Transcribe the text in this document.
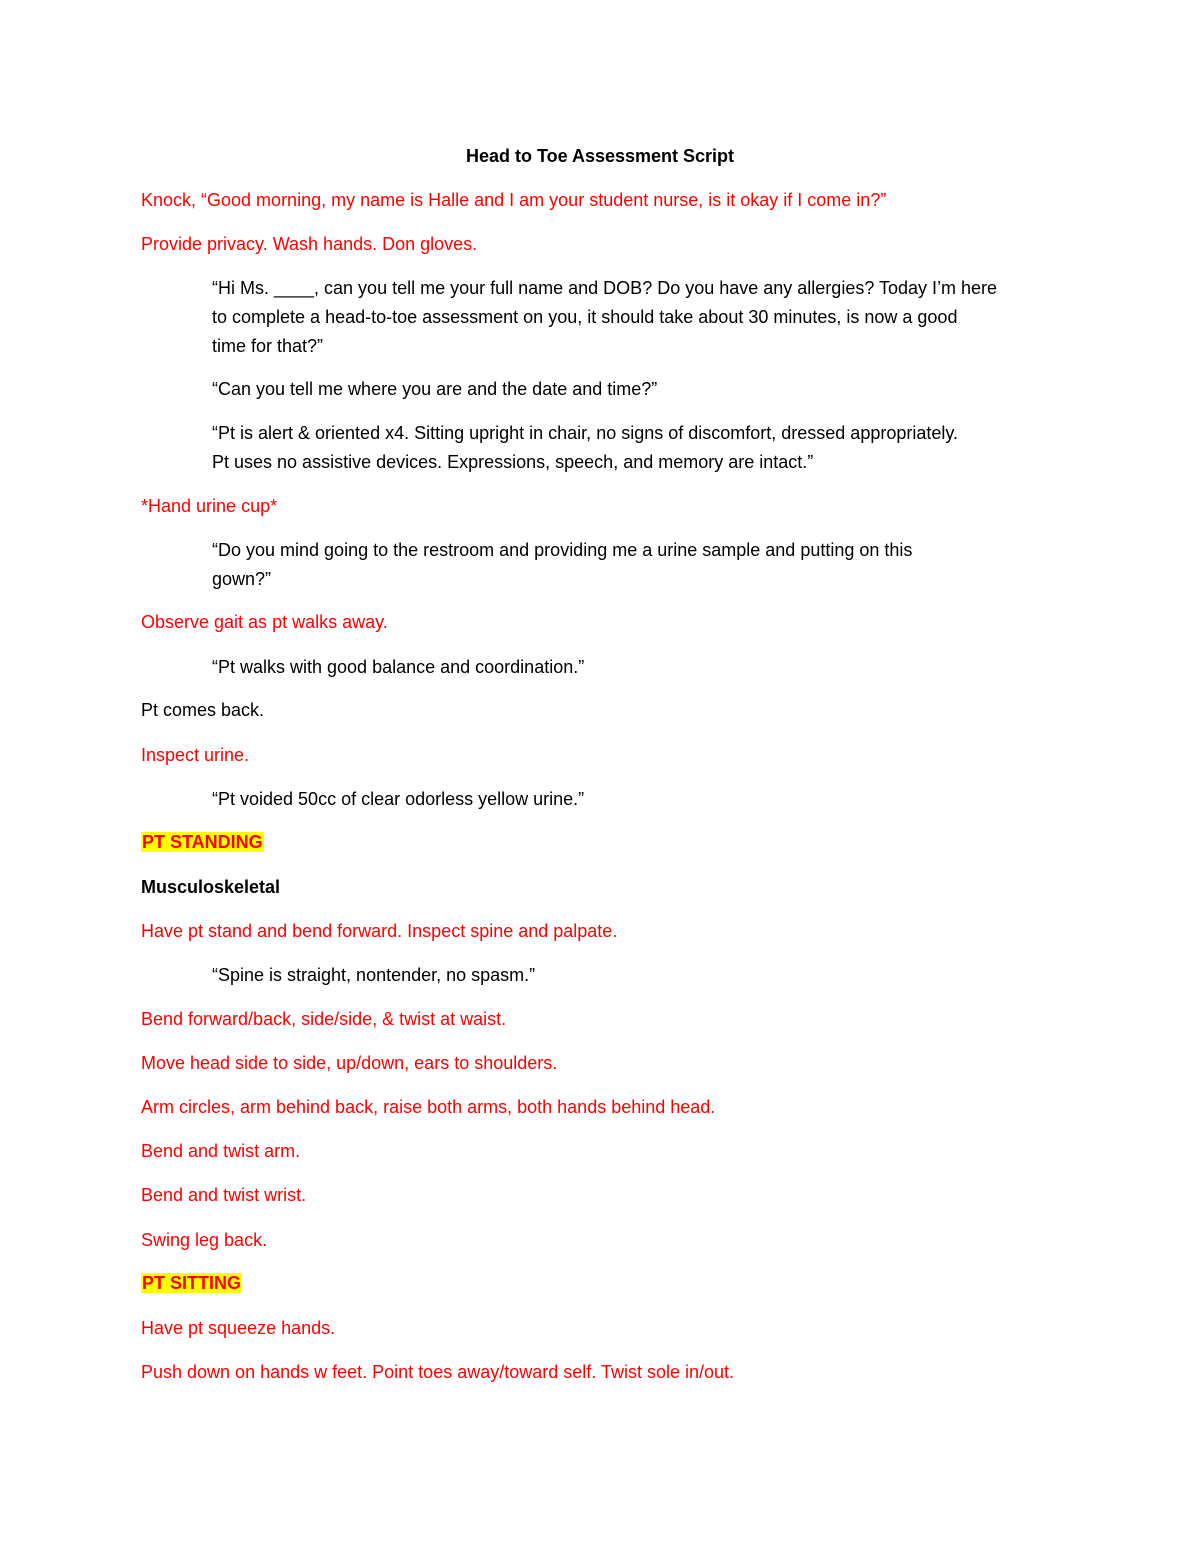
Head to Toe Assessment Script
Knock, “Good morning, my name is Halle and I am your student nurse, is it okay if I come in?”
Provide privacy. Wash hands. Don gloves.
“Hi Ms. ____, can you tell me your full name and DOB? Do you have any allergies? Today I’m here
to complete a head-to-toe assessment on you, it should take about 30 minutes, is now a good
time for that?”
“Can you tell me where you are and the date and time?”
“Pt is alert & oriented x4. Sitting upright in chair, no signs of discomfort, dressed appropriately.
Pt uses no assistive devices. Expressions, speech, and memory are intact.”
*Hand urine cup*
“Do you mind going to the restroom and providing me a urine sample and putting on this
gown?”
Observe gait as pt walks away.
“Pt walks with good balance and coordination.”
Pt comes back.
Inspect urine.
“Pt voided 50cc of clear odorless yellow urine.”
PT STANDING
Musculoskeletal
Have pt stand and bend forward. Inspect spine and palpate.
“Spine is straight, nontender, no spasm.”
Bend forward/back, side/side, & twist at waist.
Move head side to side, up/down, ears to shoulders.
Arm circles, arm behind back, raise both arms, both hands behind head.
Bend and twist arm.
Bend and twist wrist.
Swing leg back.
PT SITTING
Have pt squeeze hands.
Push down on hands w feet. Point toes away/toward self. Twist sole in/out.
